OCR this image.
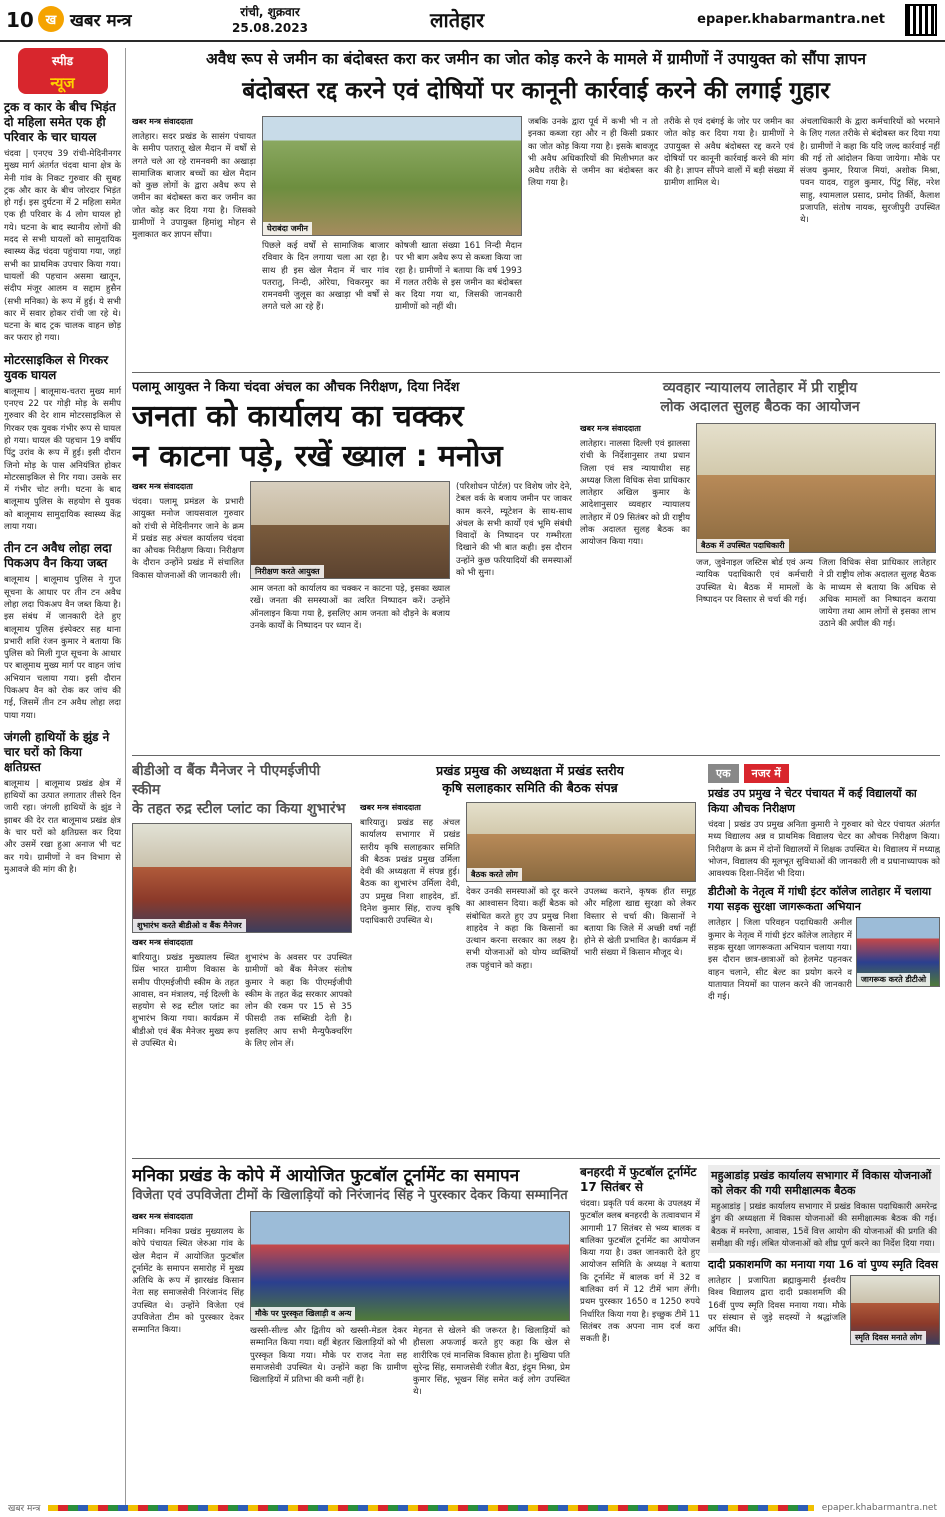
10 ख खबर मन्त्र	रांची, शुक्रवार
25.08.2023	लातेहार	epaper.khabarmantra.net
स्पीड
न्यूज
ट्रक व कार के बीच भिड़ंत दो महिला समेत एक ही परिवार के चार घायल
चंदवा | एनएच 39 रांची-मेदिनीनगर मुख्य मार्ग अंतर्गत चंदवा थाना क्षेत्र के मेनी गांव के निकट गुरुवार की सुबह ट्रक और कार के बीच जोरदार भिड़ंत हो गई। इस दुर्घटना में 2 महिला समेत एक ही परिवार के 4 लोग घायल हो गये। घटना के बाद स्थानीय लोगों की मदद से सभी घायलों को सामुदायिक स्वास्थ्य केंद्र चंदवा पहुंचाया गया, जहां सभी का प्राथमिक उपचार किया गया। घायलों की पहचान असमा खातून, संदीप मंजूर आलम व सद्दाम हुसैन (सभी मनिका) के रूप में हुई। ये सभी कार में सवार होकर रांची जा रहे थे। घटना के बाद ट्रक चालक वाहन छोड़ कर फरार हो गया।
मोटरसाइकिल से गिरकर युवक घायल
बालूमाथ | बालूमाथ-चतरा मुख्य मार्ग एनएच 22 पर गोड़ी मोड़ के समीप गुरुवार की देर शाम मोटरसाइकिल से गिरकर एक युवक गंभीर रूप से घायल हो गया। घायल की पहचान 19 वर्षीय पिंटु उरांव के रूप में हुई। इसी दौरान जिनो मोड़ के पास अनियंत्रित होकर मोटरसाइकिल से गिर गया। उसके सर में गंभीर चोट लगी। घटना के बाद बालूमाथ पुलिस के सहयोग से युवक को बालूमाथ सामुदायिक स्वास्थ्य केंद्र लाया गया।
तीन टन अवैध लोहा लदा पिकअप वैन किया जब्त
बालूमाथ | बालूमाथ पुलिस ने गुप्त सूचना के आधार पर तीन टन अवैध लोहा लदा पिकअप वैन जब्त किया है। इस संबंध में जानकारी देते हुए बालूमाथ पुलिस इंस्पेक्टर सह थाना प्रभारी शशि रंजन कुमार ने बताया कि पुलिस को मिली गुप्त सूचना के आधार पर बालूमाथ मुख्य मार्ग पर वाहन जांच अभियान चलाया गया। इसी दौरान पिकअप वैन को रोक कर जांच की गई, जिसमें तीन टन अवैध लोहा लदा पाया गया।
जंगली हाथियों के झुंड ने चार घरों को किया क्षतिग्रस्त
बालूमाथ | बालूमाथ प्रखंड क्षेत्र में हाथियों का उत्पात लगातार तीसरे दिन जारी रहा। जंगली हाथियों के झुंड ने झाबर की देर रात बालूमाथ प्रखंड क्षेत्र के चार घरों को क्षतिग्रस्त कर दिया और उसमें रखा हुआ अनाज भी चट कर गये। ग्रामीणों ने वन विभाग से मुआवजे की मांग की है।
अवैध रूप से जमीन का बंदोबस्त करा कर जमीन का जोत कोड़ करने के मामले में ग्रामीणों नें उपायुक्त को सौंपा ज्ञापन
बंदोबस्त रद्द करने एवं दोषियों पर कानूनी कार्रवाई करने की लगाई गुहार
खबर मन्त्र संवाददाता
लातेहार। सदर प्रखंड के सासंग पंचायत के समीप पतरातू खेल मैदान में वर्षों से लगते चले आ रहे रामनवमी का अखाड़ा सामाजिक बाजार बच्चों का खेल मैदान को कुछ लोगों के द्वारा अवैध रूप से जमीन का बंदोबस्त करा कर जमीन का जोत कोड़ कर दिया गया है। जिसको ग्रामीणों ने उपायुक्त हिमांशु मोहन से मुलाकात कर ज्ञापन सौंपा।
घेराबंदा जमीन
पिछले कई वर्षों से सामाजिक बाजार रविवार के दिन लगाया चला आ रहा है। साथ ही इस खेल मैदान में चार गांव पतरातु, निन्दी, ओरेया, चिकरमुर का रामनवमी जुलूस का अखाड़ा भी वर्षों से लगते चले आ रहे हैं।
कोषजी खाता संख्या 161 निन्दी मैदान पर भी बाग अवैध रूप से कब्जा किया जा रहा है। ग्रामीणों ने बताया कि वर्ष 1993 में गलत तरीके से इस जमीन का बंदोबस्त कर दिया गया था, जिसकी जानकारी ग्रामीणों को नहीं थी।
जबकि उनके द्वारा पूर्व में कभी भी न तो इनका कब्जा रहा और न ही किसी प्रकार का जोत कोड़ किया गया है। इसके बावजूद भी अवैध अधिकारियों की मिलीभगत कर अवैध तरीके से जमीन का बंदोबस्त कर लिया गया है।
तरीके से एवं दबंगई के जोर पर जमीन का जोत कोड़ कर दिया गया है। ग्रामीणों ने उपायुक्त से अवैध बंदोबस्त रद्द करने एवं दोषियों पर कानूनी कार्रवाई करने की मांग की है। ज्ञापन सौंपने वालों में बड़ी संख्या में ग्रामीण शामिल थे।
अंचलाधिकारी के द्वारा कर्मचारियों को भरमाने के लिए गलत तरीके से बंदोबस्त कर दिया गया है। ग्रामीणों ने कहा कि यदि जल्द कार्रवाई नहीं की गई तो आंदोलन किया जायेगा। मौके पर संजय कुमार, रियाज मियां, अशोक मिश्रा, पवन यादव, राहुल कुमार, पिंटु सिंह, नरेश साहु, श्यामलाल प्रसाद, प्रमोद तिर्की, कैलाश प्रजापति, संतोष नायक, सुरजीपुरी उपस्थित थे।
पलामू आयुक्त ने किया चंदवा अंचल का औचक निरीक्षण, दिया निर्देश
जनता को कार्यालय का चक्कर
न काटना पड़े, रखें ख्याल : मनोज
खबर मन्त्र संवाददाता
चंदवा। पलामू प्रमंडल के प्रभारी आयुक्त मनोज जायसवाल गुरुवार को रांची से मेदिनीनगर जाने के क्रम में प्रखंड सह अंचल कार्यालय चंदवा का औचक निरीक्षण किया। निरीक्षण के दौरान उन्होंने प्रखंड में संचालित विकास योजनाओं की जानकारी ली।	निरीक्षण करते आयुक्त
आम जनता को कार्यालय का चक्कर न काटना पड़े, इसका ख्याल रखें। जनता की समस्याओं का त्वरित निष्पादन करें। उन्होंने ऑनलाइन किया गया है, इसलिए आम जनता को दौड़ने के बजाय उनके कार्यों के निष्पादन पर ध्यान दें।
(परिशोधन पोर्टल) पर विशेष जोर देने, टेबल वर्क के बजाय जमीन पर जाकर काम करने, म्यूटेशन के साथ-साथ अंचल के सभी कार्यों एवं भूमि संबंधी विवादों के निष्पादन पर गम्भीरता दिखाने की भी बात कही। इस दौरान उन्होंने कुछ फरियादियों की समस्याओं को भी सुना।
व्यवहार न्यायालय लातेहार में प्री राष्ट्रीय
लोक अदालत सुलह बैठक का आयोजन
खबर मन्त्र संवाददाता
लातेहार। नालसा दिल्ली एवं झालसा रांची के निर्देशानुसार तथा प्रधान जिला एवं सत्र न्यायाधीश सह अध्यक्ष जिला विधिक सेवा प्राधिकार लातेहार अखिल कुमार के आदेशानुसार व्यवहार न्यायालय लातेहार में 09 सितंबर को प्री राष्ट्रीय लोक अदालत सुलह बैठक का आयोजन किया गया।	बैठक में उपस्थित पदाधिकारी
जज, जुवेनाइल जस्टिस बोर्ड एवं अन्य न्यायिक पदाधिकारी एवं कर्मचारी उपस्थित थे। बैठक में मामलों के निष्पादन पर विस्तार से चर्चा की गई।
जिला विधिक सेवा प्राधिकार लातेहार ने प्री राष्ट्रीय लोक अदालत सुलह बैठक के माध्यम से बताया कि अधिक से अधिक मामलों का निष्पादन कराया जायेगा तथा आम लोगों से इसका लाभ उठाने की अपील की गई।
बीडीओ व बैंक मैनेजर ने पीएमईजीपी स्कीम
के तहत रुद्र स्टील प्लांट का किया शुभारंभ
शुभारंभ करते बीडीओ व बैंक मैनेजर
खबर मन्त्र संवाददाता
बारियातु। प्रखंड मुख्यालय स्थित प्रिंस भारत ग्रामीण विकास के समीप पीएमईजीपी स्कीम के तहत आवास, वन मंत्रालय, नई दिल्ली के सहयोग से रुद्र स्टील प्लांट का शुभारंभ किया गया। कार्यक्रम में बीडीओ एवं बैंक मैनेजर मुख्य रूप से उपस्थित थे।
शुभारंभ के अवसर पर उपस्थित ग्रामीणों को बैंक मैनेजर संतोष कुमार ने कहा कि पीएमईजीपी स्कीम के तहत केंद्र सरकार आपको लोन की रकम पर 15 से 35 फीसदी तक सब्सिडी देती है। इसलिए आप सभी मैन्युफैक्चरिंग के लिए लोन लें।
प्रखंड प्रमुख की अध्यक्षता में प्रखंड स्तरीय
कृषि सलाहकार समिति की बैठक संपन्न
खबर मन्त्र संवाददाता
बारियातु। प्रखंड सह अंचल कार्यालय सभागार में प्रखंड स्तरीय कृषि सलाहकार समिति की बैठक प्रखंड प्रमुख उर्मिला देवी की अध्यक्षता में संपन्न हुई। बैठक का शुभारंभ उर्मिला देवी, उप प्रमुख निशा शाहदेव, डॉ. दिनेश कुमार सिंह, राज्य कृषि पदाधिकारी उपस्थित थे।
बैठक करते लोग
देकर उनकी समस्याओं को दूर करने का आश्वासन दिया। कहीं बैठक को संबोधित करते हुए उप प्रमुख निशा शाहदेव ने कहा कि किसानों का उत्थान करना सरकार का लक्ष्य है। सभी योजनाओं को योग्य व्यक्तियों तक पहुंचाने को कहा।
उपलब्ध कराने, कृषक हीत समूह और महिला खाद्य सुरक्षा को लेकर विस्तार से चर्चा की। किसानों ने बताया कि जिले में अच्छी वर्षा नहीं होने से खेती प्रभावित है। कार्यक्रम में भारी संख्या में किसान मौजूद थे।
एक नजर में
प्रखंड उप प्रमुख ने चेटर पंचायत में कई विद्यालयों का किया औचक निरीक्षण
चंदवा | प्रखंड उप प्रमुख अनिता कुमारी ने गुरुवार को चेटर पंचायत अंतर्गत मध्य विद्यालय अन्न व प्राथमिक विद्यालय चेटर का औचक निरीक्षण किया। निरीक्षण के क्रम में दोनों विद्यालयों में शिक्षक उपस्थित थे। विद्यालय में मध्याह्न भोजन, विद्यालय की मूलभूत सुविधाओं की जानकारी ली व प्रधानाध्यापक को आवश्यक दिशा-निर्देश भी दिया।
डीटीओ के नेतृत्व में गांधी इंटर कॉलेज लातेहार में चलाया गया सड़क सुरक्षा जागरूकता अभियान
लातेहार | जिला परिवहन पदाधिकारी अनील कुमार के नेतृत्व में गांधी इंटर कॉलेज लातेहार में सड़क सुरक्षा जागरूकता अभियान चलाया गया। इस दौरान छात्र-छात्राओं को हेलमेट पहनकर वाहन चलाने, सीट बेल्ट का प्रयोग करने व यातायात नियमों का पालन करने की जानकारी दी गई।
जागरूक करते डीटीओ
मनिका प्रखंड के कोपे में आयोजित फुटबॉल टूर्नामेंट का समापन
विजेता एवं उपविजेता टीमों के खिलाड़ियों को निरंजानंद सिंह ने पुरस्कार देकर किया सम्मानित
खबर मन्त्र संवाददाता
मनिका। मनिका प्रखंड मुख्यालय के कोपे पंचायत स्थित जेरुआ गांव के खेल मैदान में आयोजित फुटबॉल टूर्नामेंट के समापन समारोह में मुख्य अतिथि के रूप में झारखंड किसान नेता सह समाजसेवी निरंजानंद सिंह उपस्थित थे। उन्होंने विजेता एवं उपविजेता टीम को पुरस्कार देकर सम्मानित किया।
मौके पर पुरस्कृत खिलाड़ी व अन्य
खस्सी-सील्ड और द्वितीय को खस्सी-मेडल देकर सम्मानित किया गया। वहीं बेहतर खिलाड़ियों को भी पुरस्कृत किया गया। मौके पर राजद नेता सह समाजसेवी उपस्थित थे। उन्होंने कहा कि ग्रामीण खिलाड़ियों में प्रतिभा की कमी नहीं है।
मेहनत से खेलने की जरूरत है। खिलाड़ियों को हौसला अफजाई करते हुए कहा कि खेल से शारीरिक एवं मानसिक विकास होता है। मुखिया पति सुरेन्द्र सिंह, समाजसेवी रंजीत बैठा, इंदुम मिश्रा, प्रेम कुमार सिंह, भूखन सिंह समेत कई लोग उपस्थित थे।
बनहरदी में फुटबॉल टूर्नामेंट 17 सितंबर से
चंदवा। प्रकृति पर्व करमा के उपलक्ष्य में फुटबॉल क्लब बनहरदी के तत्वावधान में आगामी 17 सितंबर से भव्य बालक व बालिका फुटबॉल टूर्नामेंट का आयोजन किया गया है। उक्त जानकारी देते हुए आयोजन समिति के अध्यक्ष ने बताया कि टूर्नामेंट में बालक वर्ग में 32 व बालिका वर्ग में 12 टीमें भाग लेंगी। प्रथम पुरस्कार 1650 व 1250 रुपये निर्धारित किया गया है। इच्छुक टीमें 11 सितंबर तक अपना नाम दर्ज करा सकती हैं।
महुआडांड़ प्रखंड कार्यालय सभागार में विकास योजनाओं को लेकर की गयी समीक्षात्मक बैठक
महुआडांड़ | प्रखंड कार्यालय सभागार में प्रखंड विकास पदाधिकारी अमरेन्द्र डुंग की अध्यक्षता में विकास योजनाओं की समीक्षात्मक बैठक की गई। बैठक में मनरेगा, आवास, 15वें वित्त आयोग की योजनाओं की प्रगति की समीक्षा की गई। लंबित योजनाओं को शीघ्र पूर्ण करने का निर्देश दिया गया।
दादी प्रकाशमणि का मनाया गया 16 वां पुण्य स्मृति दिवस
लातेहार | प्रजापिता ब्रह्माकुमारी ईश्वरीय विश्व विद्यालय द्वारा दादी प्रकाशमणि की 16वीं पुण्य स्मृति दिवस मनाया गया। मौके पर संस्थान से जुड़े सदस्यों ने श्रद्धांजलि अर्पित की।
स्मृति दिवस मनाते लोग
खबर मन्त्र	epaper.khabarmantra.net
